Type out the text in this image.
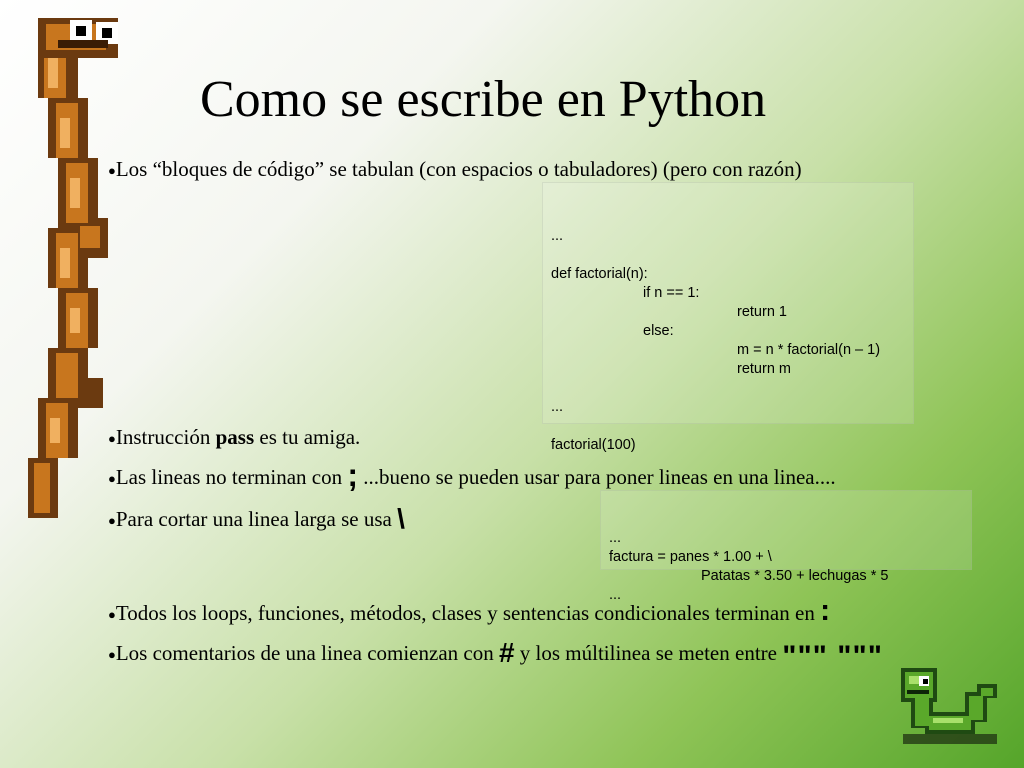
Como se escribe en Python
●Los “bloques de código” se tabulan (con espacios o tabuladores) (pero con razón)

...
def factorial(n):
if n == 1:
return 1
else:
m = n * factorial(n – 1)
return m
...
factorial(100)

●Instrucción pass es tu amiga.
●Las lineas no terminan con ; ...bueno se pueden usar para poner lineas en una linea....
●Para cortar una linea larga se usa \

...
factura = panes * 1.00 + \
Patatas * 3.50 + lechugas * 5
...

●Todos los loops, funciones, métodos, clases y sentencias condicionales terminan en :
●Los comentarios de una linea comienzan con # y los múltilinea se meten entre """ """
